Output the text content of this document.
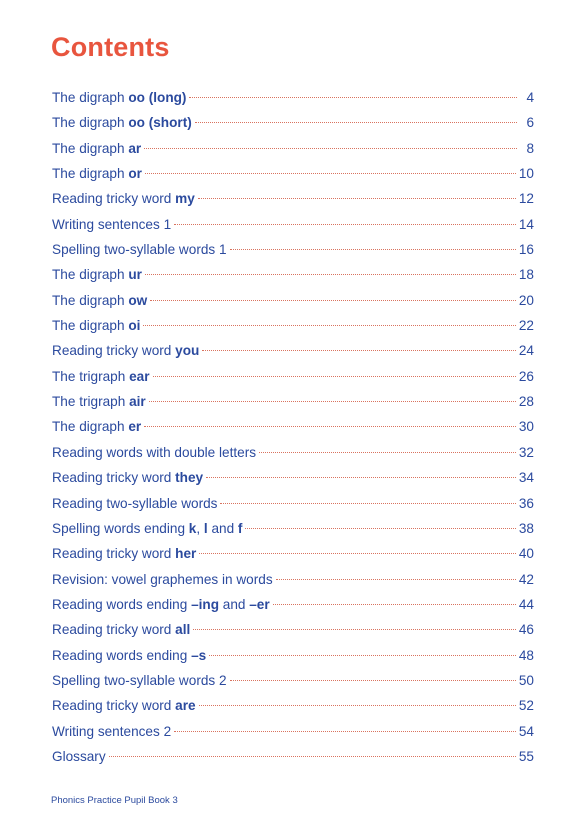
Contents
The digraph oo (long)	4
The digraph oo (short)	6
The digraph ar	8
The digraph or	10
Reading tricky word my	12
Writing sentences 1	14
Spelling two-syllable words 1	16
The digraph ur	18
The digraph ow	20
The digraph oi	22
Reading tricky word you	24
The trigraph ear	26
The trigraph air	28
The digraph er	30
Reading words with double letters	32
Reading tricky word they	34
Reading two-syllable words	36
Spelling words ending k, l and f	38
Reading tricky word her	40
Revision: vowel graphemes in words	42
Reading words ending –ing and –er	44
Reading tricky word all	46
Reading words ending –s	48
Spelling two-syllable words 2	50
Reading tricky word are	52
Writing sentences 2	54
Glossary	55
Phonics Practice Pupil Book 3
